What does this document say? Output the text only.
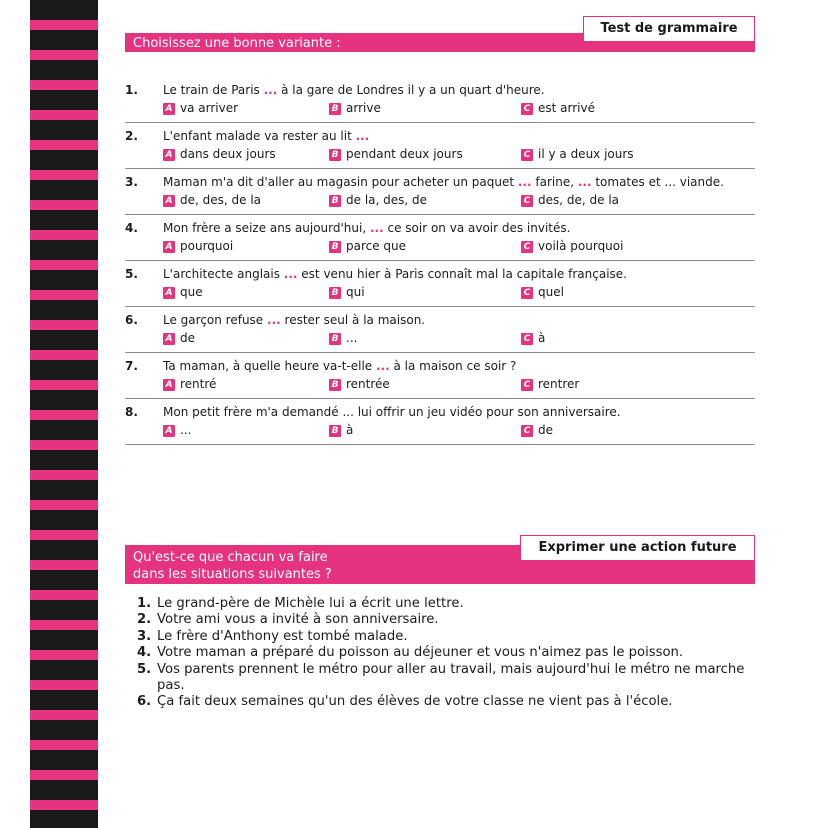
Choisissez une bonne variante :
Test de grammaire
1.	Le train de Paris ... à la gare de Londres il y a un quart d'heure.
A va arriver	B arrive	C est arrivé
2.	L'enfant malade va rester au lit ...
A dans deux jours	B pendant deux jours	C il y a deux jours
3.	Maman m'a dit d'aller au magasin pour acheter un paquet ... farine, ... tomates et ... viande.
A de, des, de la	B de la, des, de	C des, de, de la
4.	Mon frère a seize ans aujourd'hui, ... ce soir on va avoir des invités.
A pourquoi	B parce que	C voilà pourquoi
5.	L'architecte anglais ... est venu hier à Paris connaît mal la capitale française.
A que	B qui	C quel
6.	Le garçon refuse ... rester seul à la maison.
A de	B ...	C à
7.	Ta maman, à quelle heure va-t-elle ... à la maison ce soir ?
A rentré	B rentrée	C rentrer
8.	Mon petit frère m'a demandé ... lui offrir un jeu vidéo pour son anniversaire.
A ...	B à	C de
Qu'est-ce que chacun va faire
dans les situations suivantes ?
Exprimer une action future
1. Le grand-père de Michèle lui a écrit une lettre.
2. Votre ami vous a invité à son anniversaire.
3. Le frère d'Anthony est tombé malade.
4. Votre maman a préparé du poisson au déjeuner et vous n'aimez pas le poisson.
5. Vos parents prennent le métro pour aller au travail, mais aujourd'hui le métro ne marche pas.
6. Ça fait deux semaines qu'un des élèves de votre classe ne vient pas à l'école.
